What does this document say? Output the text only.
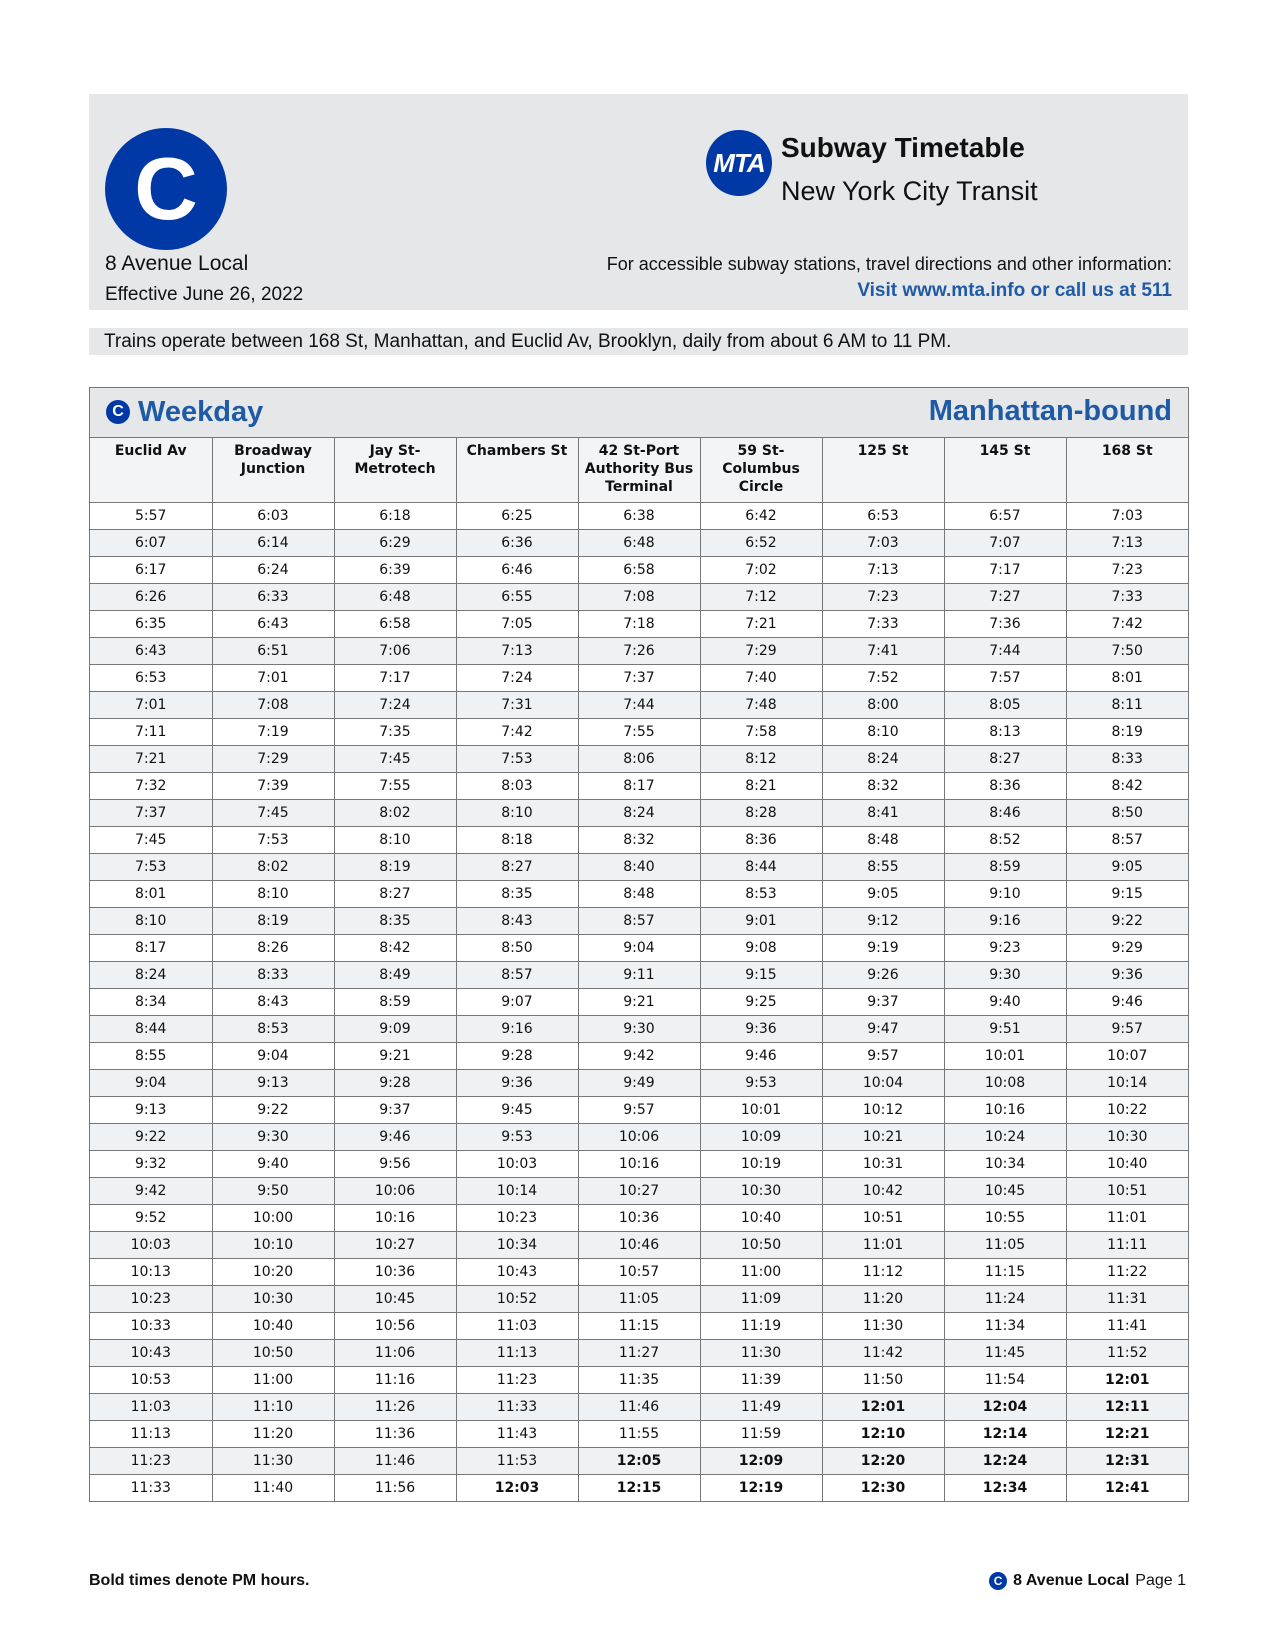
C
8 Avenue Local
Effective June 26, 2022
MTA Subway Timetable
New York City Transit
For accessible subway stations, travel directions and other information:
Visit www.mta.info or call us at 511
Trains operate between 168 St, Manhattan, and Euclid Av, Brooklyn, daily from about 6 AM to 11 PM.
C Weekday	Manhattan-bound
Euclid Av	Broadway Junction	Jay St-Metrotech	Chambers St	42 St-Port Authority Bus Terminal	59 St-Columbus Circle	125 St	145 St	168 St
5:57	6:03	6:18	6:25	6:38	6:42	6:53	6:57	7:03
6:07	6:14	6:29	6:36	6:48	6:52	7:03	7:07	7:13
6:17	6:24	6:39	6:46	6:58	7:02	7:13	7:17	7:23
6:26	6:33	6:48	6:55	7:08	7:12	7:23	7:27	7:33
6:35	6:43	6:58	7:05	7:18	7:21	7:33	7:36	7:42
6:43	6:51	7:06	7:13	7:26	7:29	7:41	7:44	7:50
6:53	7:01	7:17	7:24	7:37	7:40	7:52	7:57	8:01
7:01	7:08	7:24	7:31	7:44	7:48	8:00	8:05	8:11
7:11	7:19	7:35	7:42	7:55	7:58	8:10	8:13	8:19
7:21	7:29	7:45	7:53	8:06	8:12	8:24	8:27	8:33
7:32	7:39	7:55	8:03	8:17	8:21	8:32	8:36	8:42
7:37	7:45	8:02	8:10	8:24	8:28	8:41	8:46	8:50
7:45	7:53	8:10	8:18	8:32	8:36	8:48	8:52	8:57
7:53	8:02	8:19	8:27	8:40	8:44	8:55	8:59	9:05
8:01	8:10	8:27	8:35	8:48	8:53	9:05	9:10	9:15
8:10	8:19	8:35	8:43	8:57	9:01	9:12	9:16	9:22
8:17	8:26	8:42	8:50	9:04	9:08	9:19	9:23	9:29
8:24	8:33	8:49	8:57	9:11	9:15	9:26	9:30	9:36
8:34	8:43	8:59	9:07	9:21	9:25	9:37	9:40	9:46
8:44	8:53	9:09	9:16	9:30	9:36	9:47	9:51	9:57
8:55	9:04	9:21	9:28	9:42	9:46	9:57	10:01	10:07
9:04	9:13	9:28	9:36	9:49	9:53	10:04	10:08	10:14
9:13	9:22	9:37	9:45	9:57	10:01	10:12	10:16	10:22
9:22	9:30	9:46	9:53	10:06	10:09	10:21	10:24	10:30
9:32	9:40	9:56	10:03	10:16	10:19	10:31	10:34	10:40
9:42	9:50	10:06	10:14	10:27	10:30	10:42	10:45	10:51
9:52	10:00	10:16	10:23	10:36	10:40	10:51	10:55	11:01
10:03	10:10	10:27	10:34	10:46	10:50	11:01	11:05	11:11
10:13	10:20	10:36	10:43	10:57	11:00	11:12	11:15	11:22
10:23	10:30	10:45	10:52	11:05	11:09	11:20	11:24	11:31
10:33	10:40	10:56	11:03	11:15	11:19	11:30	11:34	11:41
10:43	10:50	11:06	11:13	11:27	11:30	11:42	11:45	11:52
10:53	11:00	11:16	11:23	11:35	11:39	11:50	11:54	12:01
11:03	11:10	11:26	11:33	11:46	11:49	12:01	12:04	12:11
11:13	11:20	11:36	11:43	11:55	11:59	12:10	12:14	12:21
11:23	11:30	11:46	11:53	12:05	12:09	12:20	12:24	12:31
11:33	11:40	11:56	12:03	12:15	12:19	12:30	12:34	12:41
Bold times denote PM hours.	C 8 Avenue Local Page 1
